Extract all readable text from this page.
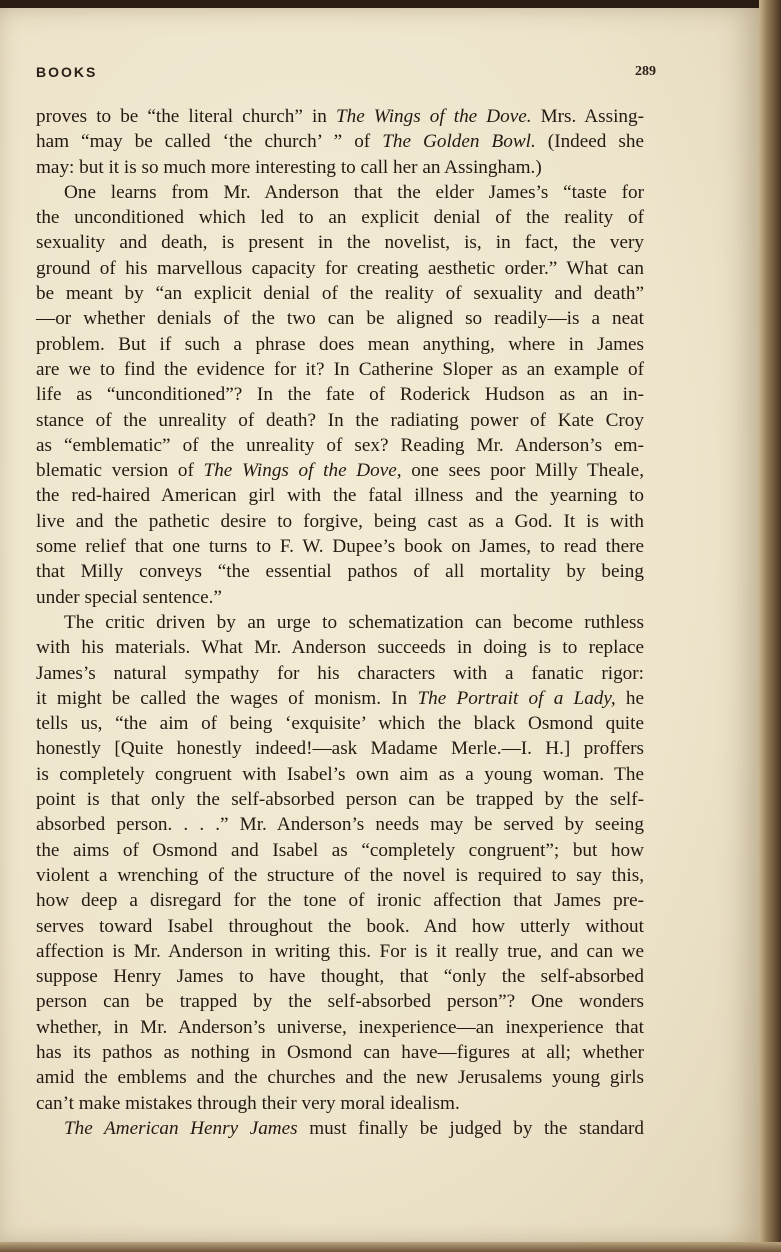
BOOKS	289
proves to be “the literal church” in The Wings of the Dove. Mrs. Assing-
ham “may be called ‘the church’ ” of The Golden Bowl. (Indeed she
may: but it is so much more interesting to call her an Assingham.)
One learns from Mr. Anderson that the elder James’s “taste for
the unconditioned which led to an explicit denial of the reality of
sexuality and death, is present in the novelist, is, in fact, the very
ground of his marvellous capacity for creating aesthetic order.” What can
be meant by “an explicit denial of the reality of sexuality and death”
—or whether denials of the two can be aligned so readily—is a neat
problem. But if such a phrase does mean anything, where in James
are we to find the evidence for it? In Catherine Sloper as an example of
life as “unconditioned”? In the fate of Roderick Hudson as an in-
stance of the unreality of death? In the radiating power of Kate Croy
as “emblematic” of the unreality of sex? Reading Mr. Anderson’s em-
blematic version of The Wings of the Dove, one sees poor Milly Theale,
the red-haired American girl with the fatal illness and the yearning to
live and the pathetic desire to forgive, being cast as a God. It is with
some relief that one turns to F. W. Dupee’s book on James, to read there
that Milly conveys “the essential pathos of all mortality by being
under special sentence.”
The critic driven by an urge to schematization can become ruthless
with his materials. What Mr. Anderson succeeds in doing is to replace
James’s natural sympathy for his characters with a fanatic rigor:
it might be called the wages of monism. In The Portrait of a Lady, he
tells us, “the aim of being ‘exquisite’ which the black Osmond quite
honestly [Quite honestly indeed!—ask Madame Merle.—I. H.] proffers
is completely congruent with Isabel’s own aim as a young woman. The
point is that only the self-absorbed person can be trapped by the self-
absorbed person. . . .” Mr. Anderson’s needs may be served by seeing
the aims of Osmond and Isabel as “completely congruent”; but how
violent a wrenching of the structure of the novel is required to say this,
how deep a disregard for the tone of ironic affection that James pre-
serves toward Isabel throughout the book. And how utterly without
affection is Mr. Anderson in writing this. For is it really true, and can we
suppose Henry James to have thought, that “only the self-absorbed
person can be trapped by the self-absorbed person”? One wonders
whether, in Mr. Anderson’s universe, inexperience—an inexperience that
has its pathos as nothing in Osmond can have—figures at all; whether
amid the emblems and the churches and the new Jerusalems young girls
can’t make mistakes through their very moral idealism.
The American Henry James must finally be judged by the standard
